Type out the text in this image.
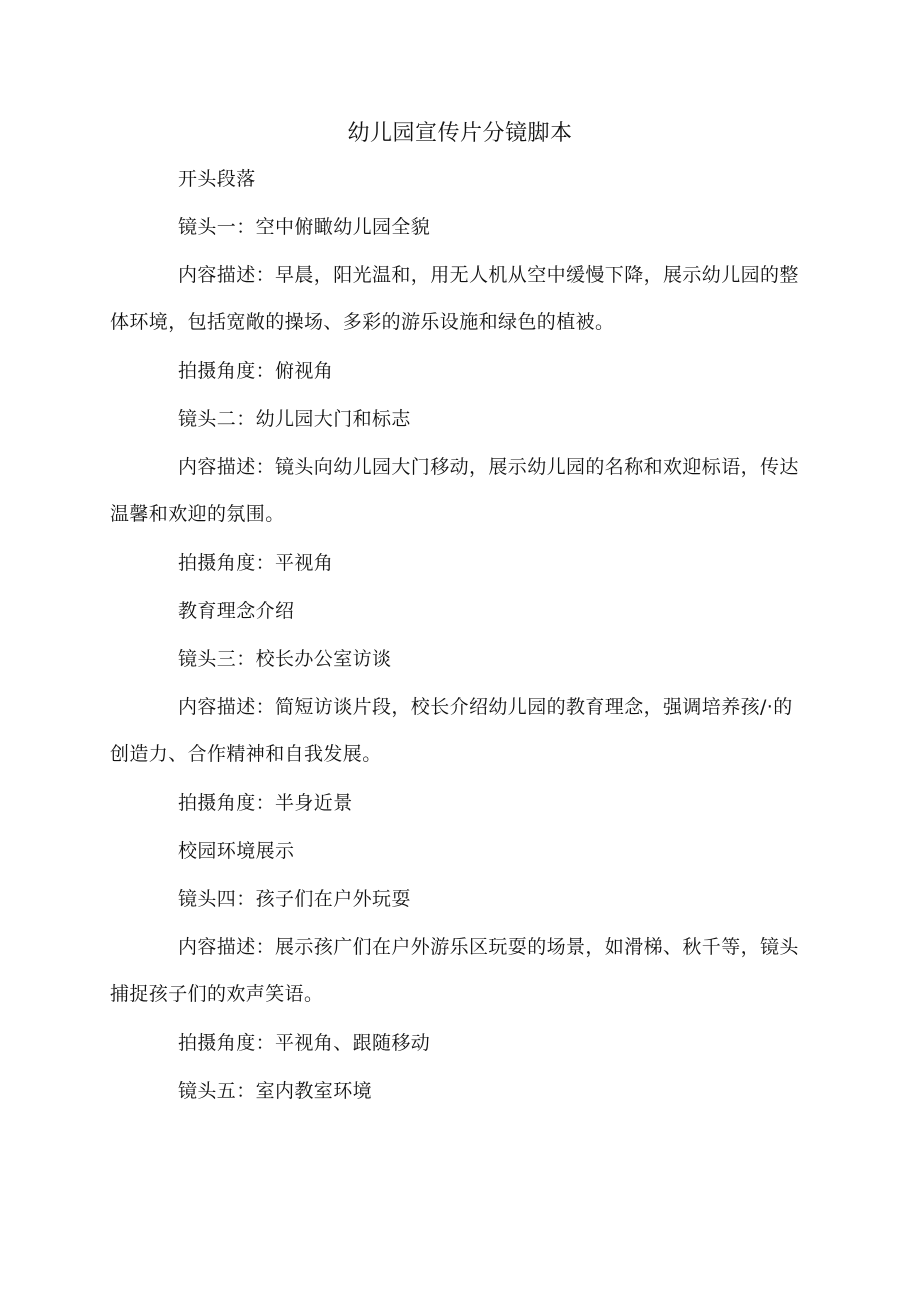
幼儿园宣传片分镜脚本

开头段落

镜头一：空中俯瞰幼儿园全貌

内容描述：早晨，阳光温和，用无人机从空中缓慢下降，展示幼儿园的整体环境，包括宽敞的操场、多彩的游乐设施和绿色的植被。

拍摄角度：俯视角

镜头二：幼儿园大门和标志

内容描述：镜头向幼儿园大门移动，展示幼儿园的名称和欢迎标语，传达温馨和欢迎的氛围。

拍摄角度：平视角

教育理念介绍

镜头三：校长办公室访谈

内容描述：简短访谈片段，校长介绍幼儿园的教育理念，强调培养孩/·的创造力、合作精神和自我发展。

拍摄角度：半身近景

校园环境展示

镜头四：孩子们在户外玩耍

内容描述：展示孩广们在户外游乐区玩耍的场景，如滑梯、秋千等，镜头捕捉孩子们的欢声笑语。

拍摄角度：平视角、跟随移动

镜头五：室内教室环境
